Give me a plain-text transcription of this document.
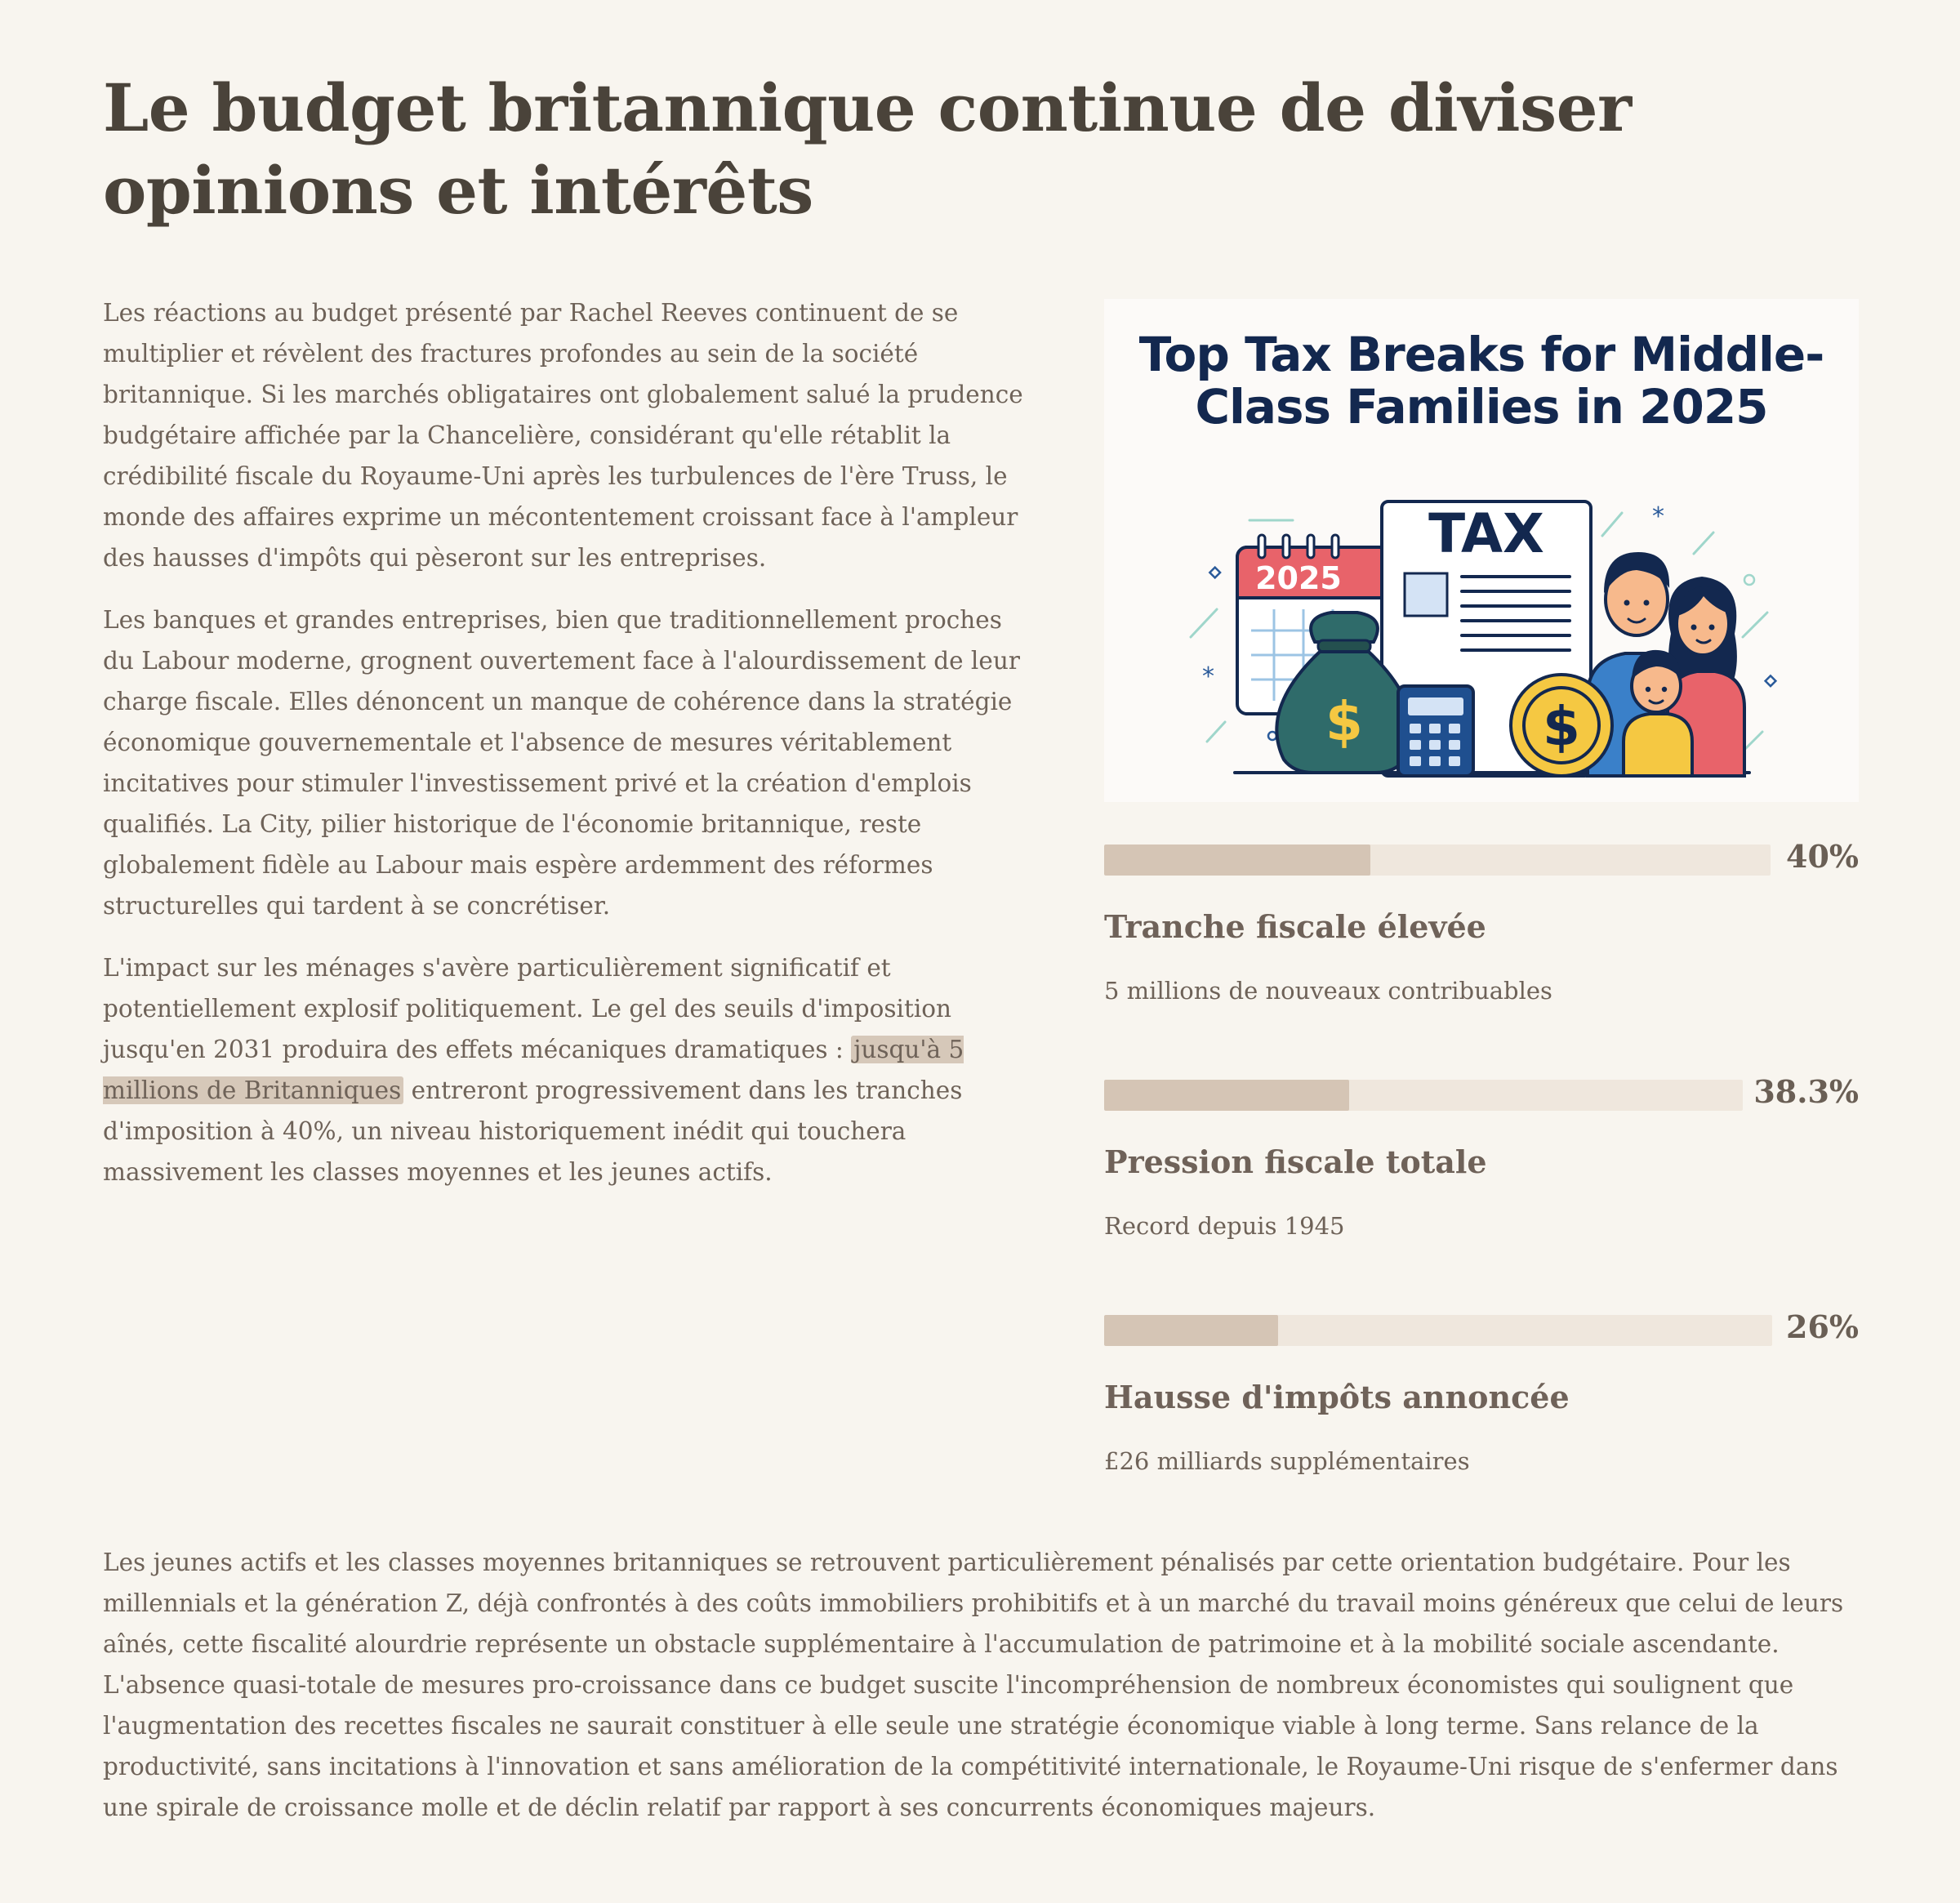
Le budget britannique continue de diviser opinions et intérêts

Les réactions au budget présenté par Rachel Reeves continuent de se multiplier et révèlent des fractures profondes au sein de la société britannique. Si les marchés obligataires ont globalement salué la prudence budgétaire affichée par la Chancelière, considérant qu'elle rétablit la crédibilité fiscale du Royaume-Uni après les turbulences de l'ère Truss, le monde des affaires exprime un mécontentement croissant face à l'ampleur des hausses d'impôts qui pèseront sur les entreprises.

Les banques et grandes entreprises, bien que traditionnellement proches du Labour moderne, grognent ouvertement face à l'alourdissement de leur charge fiscale. Elles dénoncent un manque de cohérence dans la stratégie économique gouvernementale et l'absence de mesures véritablement incitatives pour stimuler l'investissement privé et la création d'emplois qualifiés. La City, pilier historique de l'économie britannique, reste globalement fidèle au Labour mais espère ardemment des réformes structurelles qui tardent à se concrétiser.

L'impact sur les ménages s'avère particulièrement significatif et potentiellement explosif politiquement. Le gel des seuils d'imposition jusqu'en 2031 produira des effets mécaniques dramatiques : jusqu'à 5 millions de Britanniques entreront progressivement dans les tranches d'imposition à 40%, un niveau historiquement inédit qui touchera massivement les classes moyennes et les jeunes actifs.

Top Tax Breaks for Middle-Class Families in 2025
*
*
2025
TAX
$	$
40%
Tranche fiscale élevée
5 millions de nouveaux contribuables
38.3%
Pression fiscale totale
Record depuis 1945
26%
Hausse d'impôts annoncée
£26 milliards supplémentaires

Les jeunes actifs et les classes moyennes britanniques se retrouvent particulièrement pénalisés par cette orientation budgétaire. Pour les millennials et la génération Z, déjà confrontés à des coûts immobiliers prohibitifs et à un marché du travail moins généreux que celui de leurs aînés, cette fiscalité alourdrie représente un obstacle supplémentaire à l'accumulation de patrimoine et à la mobilité sociale ascendante. L'absence quasi-totale de mesures pro-croissance dans ce budget suscite l'incompréhension de nombreux économistes qui soulignent que l'augmentation des recettes fiscales ne saurait constituer à elle seule une stratégie économique viable à long terme. Sans relance de la productivité, sans incitations à l'innovation et sans amélioration de la compétitivité internationale, le Royaume-Uni risque de s'enfermer dans une spirale de croissance molle et de déclin relatif par rapport à ses concurrents économiques majeurs.
